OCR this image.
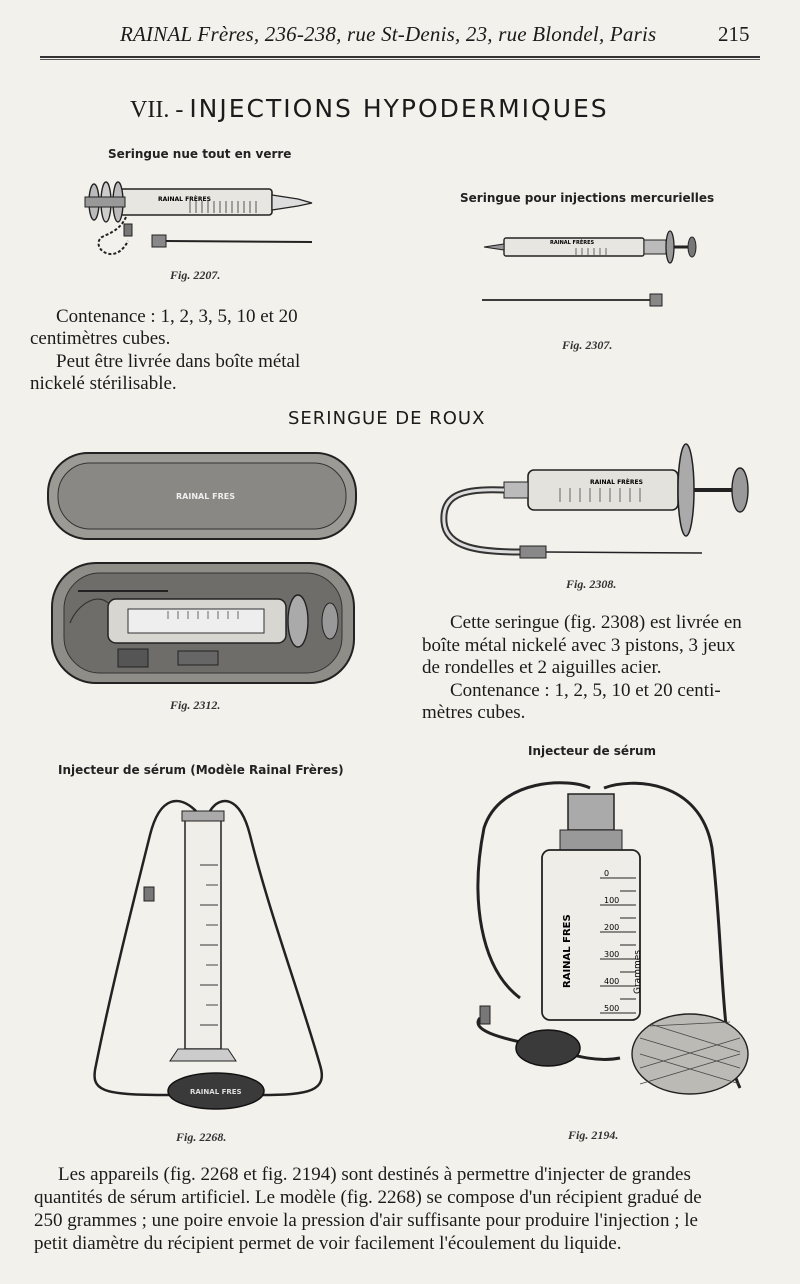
RAINAL Frères, 236-238, rue St-Denis, 23, rue Blondel, Paris	215
VII. - INJECTIONS HYPODERMIQUES
Seringue nue tout en verre
RAINAL FRÈRES
Fig. 2207.
Contenance : 1, 2, 3, 5, 10 et 20
centimètres cubes.
Peut être livrée dans boîte métal
nickelé stérilisable.
Seringue pour injections mercurielles
RAINAL FRÈRES
Fig. 2307.
SERINGUE DE ROUX
RAINAL FRES
Fig. 2312.
RAINAL FRÈRES
Fig. 2308.
Cette seringue (fig. 2308) est livrée en
boîte métal nickelé avec 3 pistons, 3 jeux
de rondelles et 2 aiguilles acier.
Contenance : 1, 2, 5, 10 et 20 centi-
mètres cubes.
Injecteur de sérum (Modèle Rainal Frères)
RAINAL FRES
Fig. 2268.
Injecteur de sérum
0
100
200
300
400
500
RAINAL FRES	Grammes
Fig. 2194.
Les appareils (fig. 2268 et fig. 2194) sont destinés à permettre d'injecter de grandes
quantités de sérum artificiel. Le modèle (fig. 2268) se compose d'un récipient gradué de
250 grammes ; une poire envoie la pression d'air suffisante pour produire l'injection ; le
petit diamètre du récipient permet de voir facilement l'écoulement du liquide.
